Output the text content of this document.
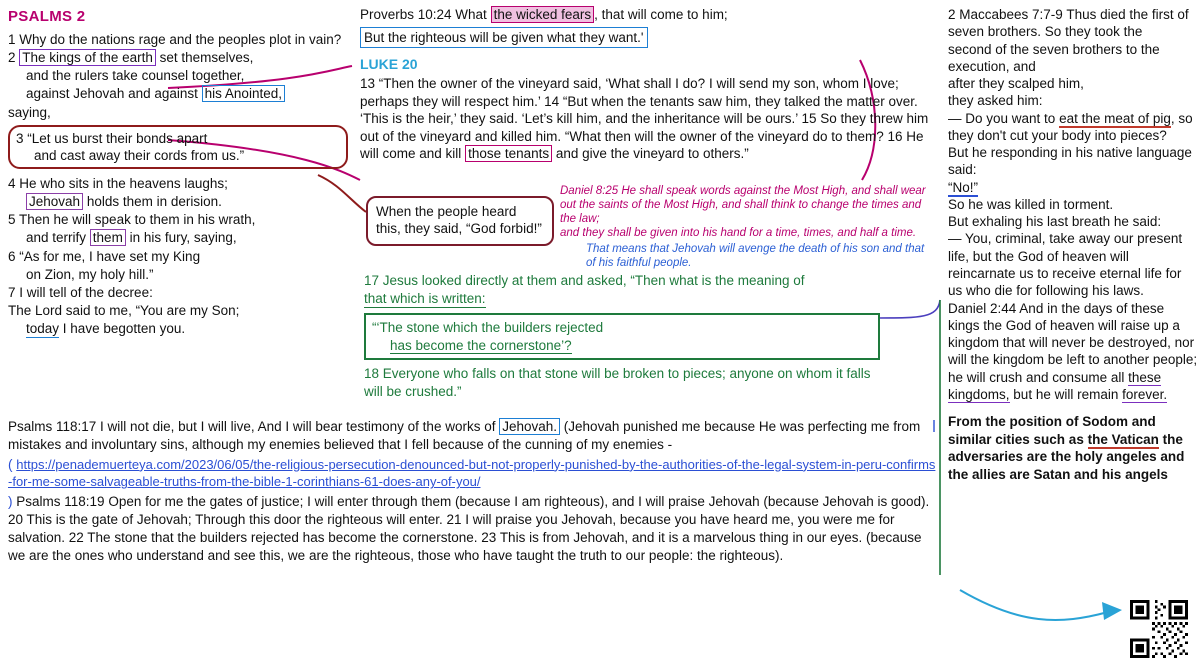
PSALMS 2

1 Why do the nations rage and the peoples plot in vain?

2 The kings of the earth set themselves,

and the rulers take counsel together,

against Jehovah and against his Anointed,

saying,

3 “Let us burst their bonds apart
and cast away their cords from us.”

4 He who sits in the heavens laughs;

Jehovah holds them in derision.

5 Then he will speak to them in his wrath,

and terrify them in his fury, saying,

6 “As for me, I have set my King

on Zion, my holy hill.”

7 I will tell of the decree:

The Lord said to me, “You are my Son;

today I have begotten you.

Proverbs 10:24 What the wicked fears , that will come to him; But the righteous will be given what they want.'
LUKE 20
13 “Then the owner of the vineyard said, ‘What shall I do? I will send my son, whom I love; perhaps they will respect him.’ 14 “But when the tenants saw him, they talked the matter over. ‘This is the heir,’ they said. ‘Let’s kill him, and the inheritance will be ours.’ 15 So they threw him out of the vineyard and killed him. “What then will the owner of the vineyard do to them? 16 He will come and kill those tenants and give the vineyard to others.”
When the people heard this, they said, “God forbid!”
Daniel 8:25 He shall speak words against the Most High, and shall wear out the saints of the Most High, and shall think to change the times and the law;
and they shall be given into his hand for a time, times, and half a time.
That means that Jehovah will avenge the death of his son and that of his faithful people.
17 Jesus looked directly at them and asked, “Then what is the meaning of
that which is written:
“‘The stone which the builders rejected
has become the cornerstone’?
18 Everyone who falls on that stone will be broken to pieces; anyone on whom it falls will be crushed.”
2 Maccabees 7:7-9 Thus died the first of seven brothers. So they took the
second of the seven brothers to the execution, and
after they scalped him,
they asked him:
— Do you want to eat the meat of pig, so they don't cut your body into pieces?
But he responding in his native language said:
“No!”
So he was killed in torment.
But exhaling his last breath he said:
— You, criminal, take away our present life, but the God of heaven will reincarnate us to receive eternal life for us who die for following his laws.
Daniel 2:44 And in the days of these kings the God of heaven will raise up a kingdom that will never be destroyed, nor will the kingdom be left to another people; he will crush and consume all these kingdoms, but he will remain forever.
From the position of Sodom and similar cities such as the Vatican the adversaries are the holy angeles and the allies are Satan and his angels
Psalms 118:17 I will not die, but I will live, And I will bear testimony of the works of Jehovah. (Jehovah punished me because He was perfecting me from mistakes and involuntary sins, although my enemies believed that I fell because of the cunning of my enemies -
( https://penademuerteya.com/2023/06/05/the-religious-persecution-denounced-but-not-properly-punished-by-the-authorities-of-the-legal-system-in-peru-confirms-for-me-some-salvageable-truths-from-the-bible-1-corinthians-61-does-any-of-you/
) Psalms 118:19 Open for me the gates of justice; I will enter through them (because I am righteous), and I will praise Jehovah (because Jehovah is good). 20 This is the gate of Jehovah; Through this door the righteous will enter. 21 I will praise you Jehovah, because you have heard me, you were me for salvation. 22 The stone that the builders rejected has become the cornerstone. 23 This is from Jehovah, and it is a marvelous thing in our eyes. (because we are the ones who understand and see this, we are the righteous, those who have taught the truth to our people: the righteous).
